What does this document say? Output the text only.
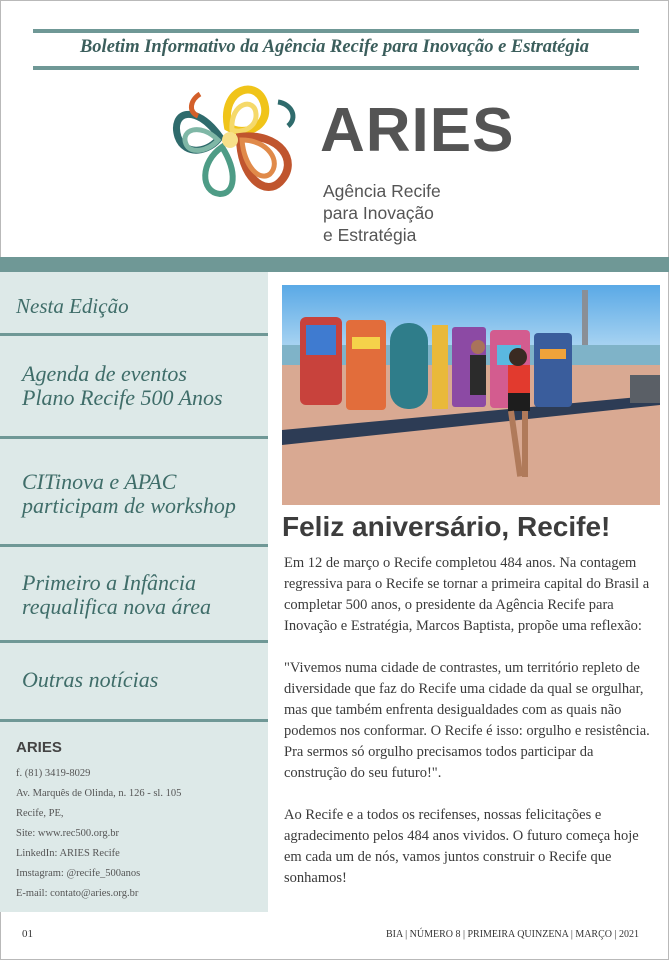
Boletim Informativo da Agência Recife para Inovação e Estratégia
ARIES
Agência Recife
para Inovação
e Estratégia
Nesta Edição
Agenda de eventos
Plano Recife 500 Anos
CITinova e APAC
participam de workshop
Primeiro a Infância
requalifica nova área
Outras notícias
ARIES
f. (81) 3419-8029
Av. Marquês de Olinda, n. 126 - sl. 105
Recife, PE,
Site: www.rec500.org.br
LinkedIn: ARIES Recife
Imstagram: @recife_500anos
E-mail: contato@aries.org.br
Feliz aniversário, Recife!

Em 12 de março o Recife completou 484 anos. Na contagem regressiva para o Recife se tornar a primeira capital do Brasil a completar 500 anos, o presidente da Agência Recife para Inovação e Estratégia, Marcos Baptista, propõe uma reflexão:

"Vivemos numa cidade de contrastes, um território repleto de diversidade que faz do Recife uma cidade da qual se orgulhar, mas que também enfrenta desigualdades com as quais não podemos nos conformar. O Recife é isso: orgulho e resistência. Pra sermos só orgulho precisamos todos participar da construção do seu futuro!".

Ao Recife e a todos os recifenses, nossas felicitações e agradecimento pelos 484 anos vividos. O futuro começa hoje em cada um de nós, vamos juntos construir o Recife que sonhamos!

01	BIA | NÚMERO 8 | PRIMEIRA QUINZENA | MARÇO | 2021
